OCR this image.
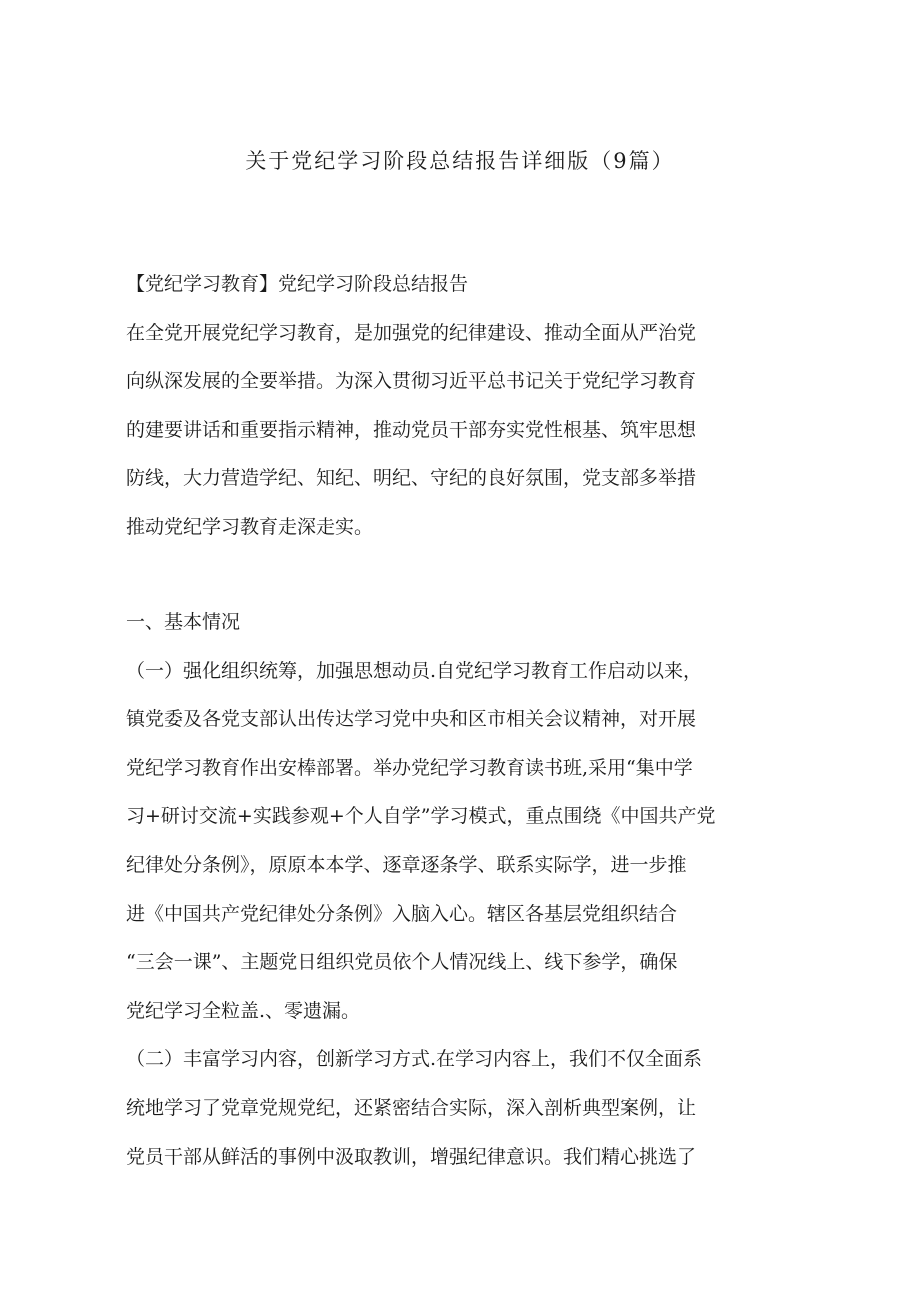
关于党纪学习阶段总结报告详细版（9篇）
【党纪学习教育】党纪学习阶段总结报告
在全党开展党纪学习教育，是加强党的纪律建设、推动全面从严治党
向纵深发展的全要举措。为深入贯彻习近平总书记关于党纪学习教育
的建要讲话和重要指示精神，推动党员干部夯实党性根基、筑牢思想
防线，大力营造学纪、知纪、明纪、守纪的良好氛围，党支部多举措
推动党纪学习教育走深走实。
一、基本情况
（一）强化组织统筹，加强思想动员.自党纪学习教育工作启动以来，
镇党委及各党支部认出传达学习党中央和区市相关会议精神，对开展
党纪学习教育作出安棒部署。举办党纪学习教育读书班,采用“集中学
习+研讨交流+实践参观+个人自学”学习模式，重点围绕《中国共产党
纪律处分条例》，原原本本学、逐章逐条学、联系实际学，进一步推
进《中国共产党纪律处分条例》入脑入心。辖区各基层党组织结合
“三会一课”、主题党日组织党员依个人情况线上、线下参学，确保
党纪学习全粒盖.、零遗漏。
（二）丰富学习内容，创新学习方式.在学习内容上，我们不仅全面系
统地学习了党章党规党纪，还紧密结合实际，深入剖析典型案例，让
党员干部从鲜活的事例中汲取教训，增强纪律意识。我们精心挑选了
